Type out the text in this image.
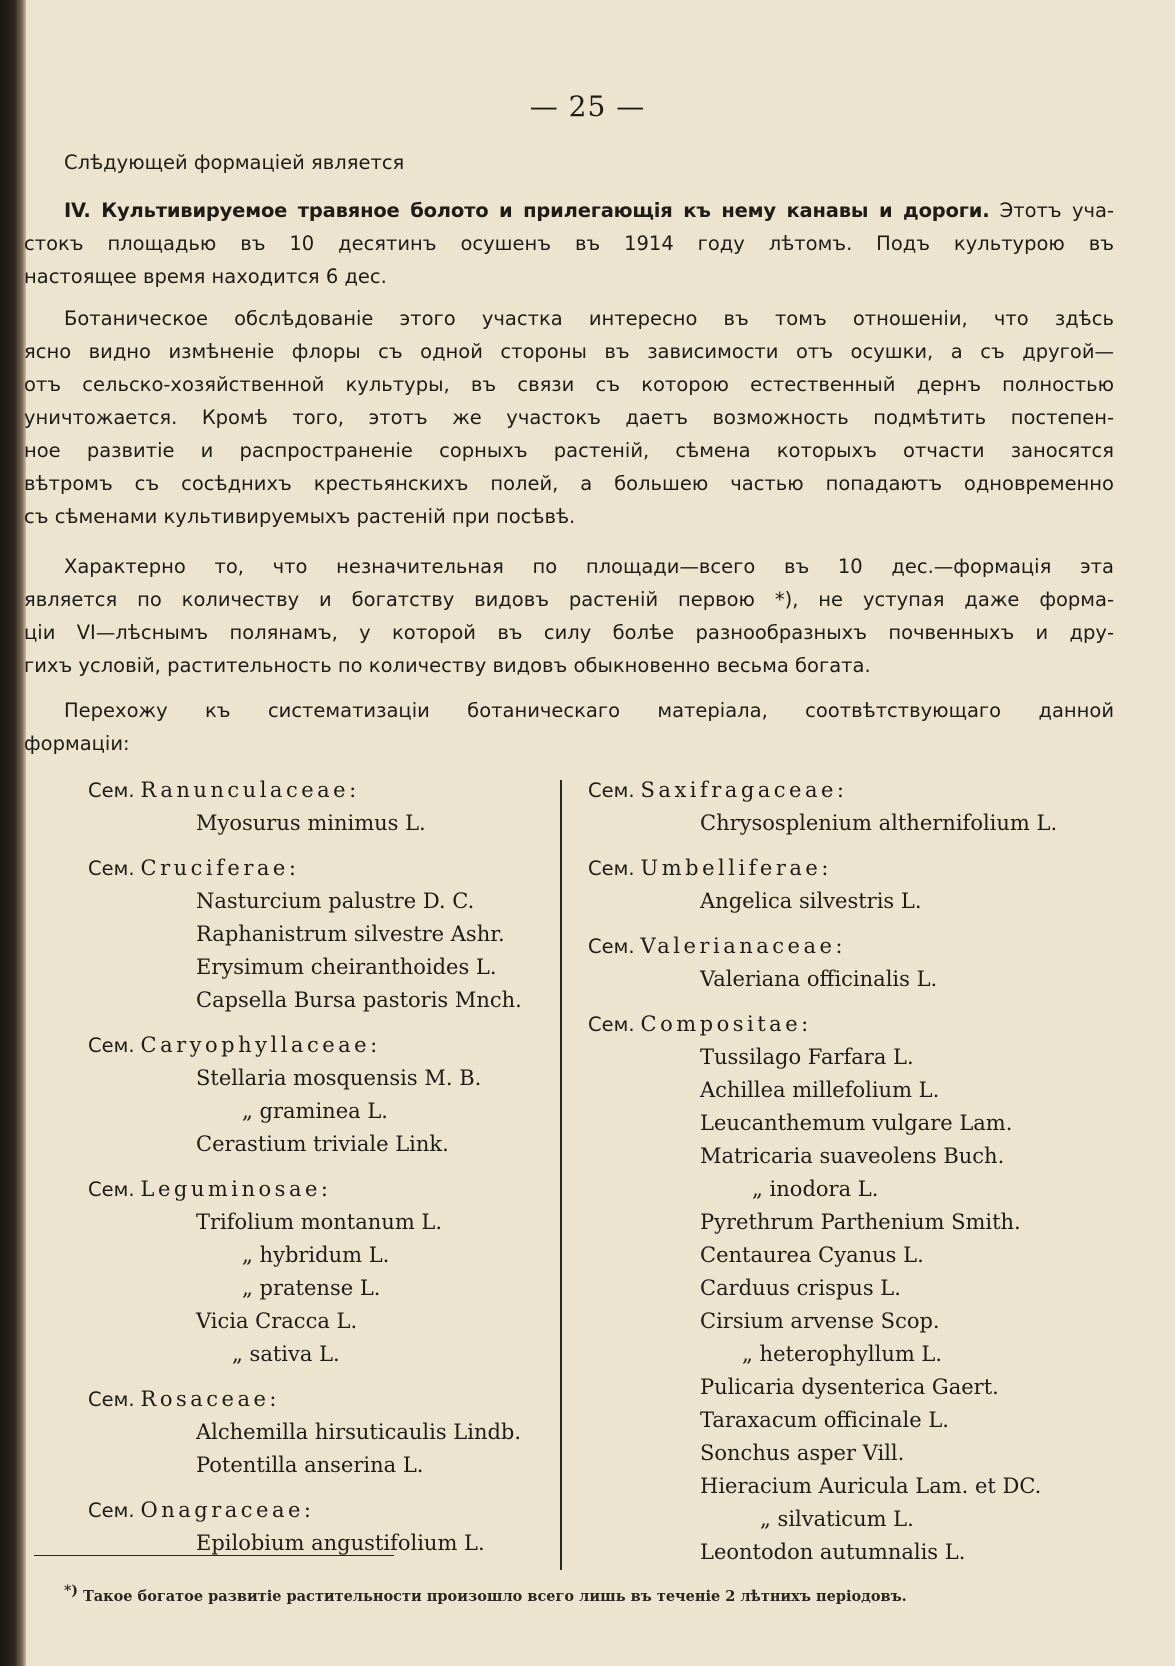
— 25 —
Слѣдующей формаціей является
IV. Культивируемое травяное болото и прилегающія къ нему канавы и дороги. Этотъ уча-
стокъ площадью въ 10 десятинъ осушенъ въ 1914 году лѣтомъ. Подъ культурою въ
настоящее время находится 6 дес.
Ботаническое обслѣдованіе этого участка интересно въ томъ отношеніи, что здѣсь
ясно видно измѣненіе флоры съ одной стороны въ зависимости отъ осушки, а съ другой—
отъ сельско-хозяйственной культуры, въ связи съ которою естественный дернъ полностью
уничтожается. Кромѣ того, этотъ же участокъ даетъ возможность подмѣтить постепен-
ное развитіе и распространеніе сорныхъ растеній, сѣмена которыхъ отчасти заносятся
вѣтромъ съ сосѣднихъ крестьянскихъ полей, а большею частью попадаютъ одновременно
съ сѣменами культивируемыхъ растеній при посѣвѣ.
Характерно то, что незначительная по площади—всего въ 10 дес.—формація эта
является по количеству и богатству видовъ растеній первою *), не уступая даже форма-
ціи VI—лѣснымъ полянамъ, у которой въ силу болѣе разнообразныхъ почвенныхъ и дру-
гихъ условій, растительность по количеству видовъ обыкновенно весьма богата.
Перехожу къ систематизаціи ботаническаго матеріала, соотвѣтствующаго данной
формаціи:
Сем. Ranunculaceae:
Myosurus minimus L.
Сем. Cruciferae:
Nasturcium palustre D. C.
Raphanistrum silvestre Ashr.
Erysimum cheiranthoides L.
Capsella Bursa pastoris Mnch.
Сем. Caryophyllaceae:
Stellaria mosquensis M. B.
„ graminea L.
Cerastium triviale Link.
Сем. Leguminosae:
Trifolium montanum L.
„ hybridum L.
„ pratense L.
Vicia Cracca L.
„ sativa L.
Сем. Rosaceae:
Alchemilla hirsuticaulis Lindb.
Potentilla anserina L.
Сем. Onagraceae:
Epilobium angustifolium L.
Сем. Saxifragaceae:
Chrysosplenium althernifolium L.
Сем. Umbelliferae:
Angelica silvestris L.
Сем. Valerianaceae:
Valeriana officinalis L.
Сем. Compositae:
Tussilago Farfara L.
Achillea millefolium L.
Leucanthemum vulgare Lam.
Matricaria suaveolens Buch.
„ inodora L.
Pyrethrum Parthenium Smith.
Centaurea Cyanus L.
Carduus crispus L.
Cirsium arvense Scop.
„ heterophyllum L.
Pulicaria dysenterica Gaert.
Taraxacum officinale L.
Sonchus asper Vill.
Hieracium Auricula Lam. et DC.
„ silvaticum L.
Leontodon autumnalis L.
*) Такое богатое развитіе растительности произошло всего лишь въ теченіе 2 лѣтнихъ періодовъ.
